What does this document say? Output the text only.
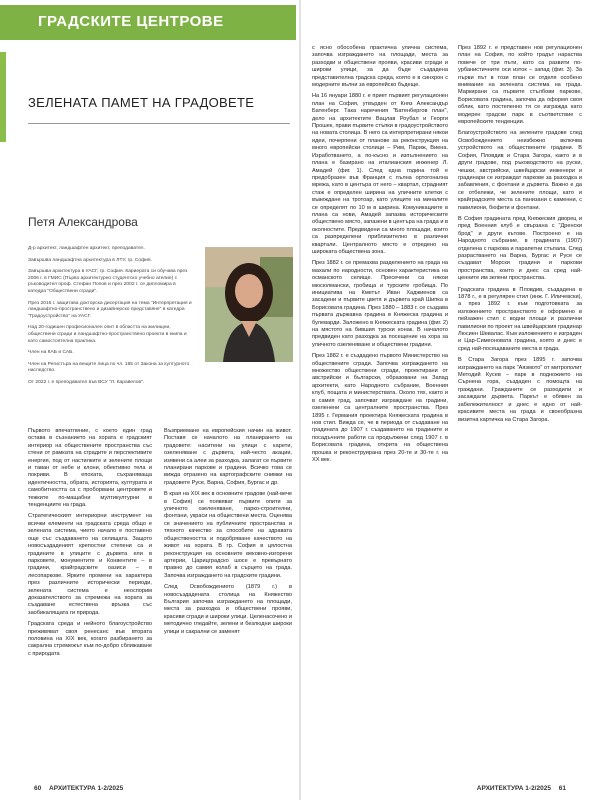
ГРАДСКИТЕ ЦЕНТРОВЕ
ЗЕЛЕНАТА ПАМЕТ НА ГРАДОВЕТЕ
Петя Александрова

Д-р архитект, ландшафтен архитект, преподавател.

Завършва ландшафтна архитектура в ЛТУ, гр. София.

Завършва архитектура в УАСГ, гр. София. Кариерата си обучава през 2006 г. в ГМИС (Първо архитектурно студентско учебно ателие) с ръководител проф. Стефан Попов и през 2002 г. се дипломира в катедра "Обществени сгради".

През 2016 г. защитава докторска дисертация на тема "Интерпретация и ландшафтно-пространствено и дизайнерско представяне" в катедра "Градоустройство" на УАСГ.

Над 20-годишен професионален опит в областта на жилищни, обществени сгради и ландшафтно-пространствено проекти в екипа и като самостоятелна практика.

Член на КАБ и САБ.

Член на Регистъра на вещите лица по чл. 165 от Закона за културното наследство.

От 2022 г. е преподавател във ВСУ "Л. Каравелов".

Първото впечатление, с което един град остава в съзнанието на хората е градският интериор на обществените пространства със стени от рамката на сградите и перспективите енергия, под от настилките и зелените площи и таван от небе и клони, обективно тела и покриви. В епохата, съхраняваща идентичността, обрата, историята, културата и самобитността са с проборвани центровете и тежките по-мащабни мултикултурни в тенденциите на града.

Стратегическият интериорни инструмент на всички елементи на градската среда общо е зелената система, чието начало е поставено още със създаването на селищата. Защото новосъздаденият крепостни степени са и градините в улиците с дървета ели в парковете, монументите и Конвентите – в градини, крайградските оазиси – в лесопаркове. Ярките промени на характера през различните исторически периоди, зелената система е неоспорим доказателството за стремежа на хората за създаване естествена връзка със заобикалящата ги природа.

Градската среда и нейното благоустройство преживяват своя ренесанс във втората половина на XIX век, когато разбирането за сакрална стремежът към по-добро сближаване с природата

Възприемане на европейския начин на живот. Поставя се началото на планирането на градовете: наситени на улици с карети, озеленяване с дървета, най-често акации, изявени са алеи за разходка, залагат се първите планирани паркове и градини. Всичко това се вижда отразено на картографските снимки на градовете Русе, Варна, София, Бургас и др.

В края на XIX век в основните градове (най-вече в София) се появяват първите опити за уличното озеленяване, парко-строителни, фонтани, украси на обществени места. Оценява се значението на публичните пространства и тяхното качество за способите на здравата обществеността и подобряване качеството на живот на хората. В гр. София в цялостна реконструкция на основните вековно-изгорени артерии, Царицградско шосе е превърнато правно до самия колаб в сърцето на града. Започва изграждането на градските градини.

След Освобождението (1879 г.) в новосъздадената столица на Княжество България започва изграждането на площади, места за разходка и обществени прояви, красиви сгради и широки улици. Целенасочено и методично гледайте, зелени и безлюдни широки улици и сакрални се заменят

с ясно обособена практична улична система, започва изграждането на площади, места за разходки и обществени прояви, красиви сгради и широки улици, за да бъде създадена представителна градска среда, която е в синхрон с модерните вълни за европейско бъдеще.

На 16 януари 1880 г. е приет първият регулационен план на София, утвърден от Княз Александър Батенберг. Така наречения "Батенбергов план", дело на архитектите Вацлав Роубал и Георги Прошек, прави първите стъпки в градоустройството на новата столица. В него са интерпретирани някои идеи, почерпени от планове за реконструкция на много европейски столици – Рим, Париж, Виена. Изработването, а по-късно и изпълнението на плана е базирано на италианския инженер Л. Амадей (фиг. 1). След една година той е предобразен във Франция с пълна ортогонална мрежа, като в центъра от него – квартал, сградният стаж е определен ширина на уличните клетки с въвеждане на тротоар, като улиците на миналите се определят по 10 м в ширина. Комуникациите в плана са нови, Амадей запазва историческите обществено място, запазени в центъра на града и в околностите. Предвидени са много площади, които са разпределени приблизително в различни квартали. Централното място е отредено на широката обществена зона.

През 1882 г. се премахва разделението на града на махали по народности, основен характеристика на османското селище. Пресечени са някои мюсюлмански, гробища и турските гробища. По инициатива на Кметът Иван Хаджиенов са засадени и първите цветя и дървета край Шипка в Борисовата градина. През 1880 – 1883 г. се създава първата държавна градина в Княжеска градина и булеварди. Заложено в Княжеската градина (фиг. 2) на мястото на бившия турски конак. В началото предвиден като разходка за посещение на хора за уличното озеленяване и обществени градини.

През 1882 г. е създадено първото Министерство на обществените сгради. Започва изграждането на множество обществени сгради, проектирани от австрийски и български, образовани на Запад архитекти, като Народното събрание, Военния клуб, пощата и министерствата. Около тях, както и в самия град, започват изграждане на градини, озеленени са централните пространства. През 1895 г. Германия проектира Княжеската градина в нов стил. Вижда се, че в периода от създаване на градината до 1907 г. създаването на градините и посадъчните работи са продължени след 1907 г. в Борисовата градина, открита на обществена прошка и реконструирана през 20-те и 30-те г. на XX век.

През 1892 г. е представен нов регулационен план на София, по който градът нараства повече от три пъти, като са развити по-урбанистичните оси изток – запад (фиг. 3). За първи път в този план се отделя особено внимание на зелената система на града. Маркирани са първите стълбови паркове, Борисовата градина, започва да оформя своя облик, като постепенно тя се изгражда като модерен градски парк в съответствие с европейските тенденции.

Благоустройството на зелените градове след Освобождението неизбежно включва устройството на обществените градини. В София, Пловдив и Стара Загора, както и в други градове, под ръководството на руски, чешки, австрийски, швейцарски инженери и градинари се изграждат паркове за разходка и забавления, с фонтани и дървета. Важно е да се отбележи, че зелените площи, като и крайградските места са панизани с каменни, с павилиони, бюфети и фонтани.

В София градината пред Княжеския дворец и пред Военния клуб е свързана с "Дренски брод" и други кътове. Построено е на Народното събрание, в градината (1907) отделена с паркова и парапетни стъпала. След разрастването на Варна, Бургас и Русе се създават Морски градини и паркови пространства, които и днес са сред най-ценните им зелени пространства.

Градската градина в Пловдив, създадена в 1878 г., е в регулярен стил (инж. Г. Иличевски), а през 1892 г. към подготовката за изложението пространството е оформено в пейзажен стил с водни площи и различни павилиони по проект на швейцарския градинар Люсиен Шевалас. Към изложението е изграден и Цар-Симеоновата градина, която и днес е сред най-посещаваните места в града.

В Стара Загора през 1895 г. започва изграждането на парк "Аязмото" от митрополит Методий Кусев – парк в подножието на Сърнена гора, създаден с помощта на граждани. Гражданите се разходили и засаждали дървета. Паркът е обявен за забележителност и днес е едно от най-красивите места на града и своеобразна визитна картичка на Стара Загора.

60 АРХИТЕКТУРА 1-2/2025	АРХИТЕКТУРА 1-2/2025 61
